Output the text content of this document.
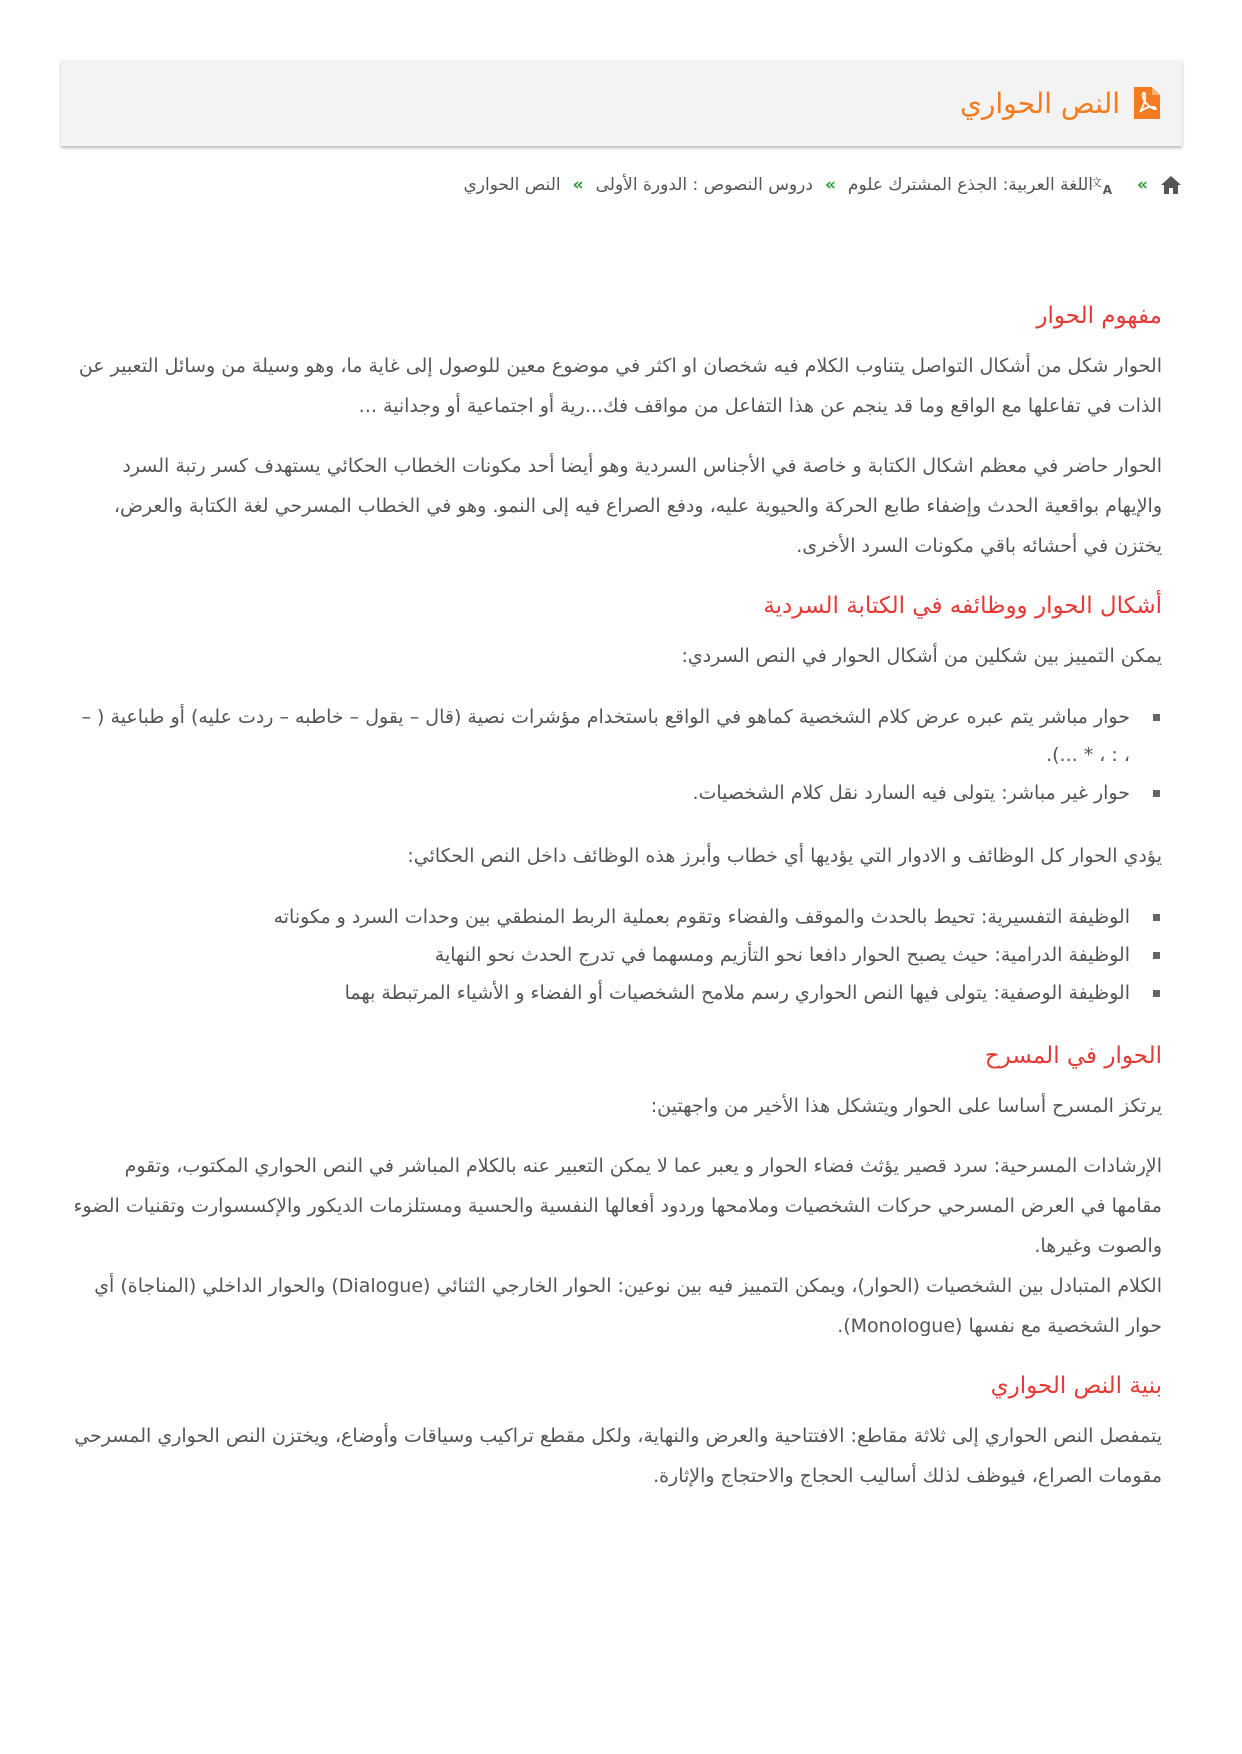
النص الحواري
»
文
A
اللغة العربية: الجذع المشترك علوم
»
دروس النصوص : الدورة الأولى
»
النص الحواري
مفهوم الحوار

الحوار شكل من أشكال التواصل يتناوب الكلام فيه شخصان او اكثر في موضوع معين للوصول إلى غاية ما، وهو وسيلة من وسائل التعبير عن الذات في تفاعلها مع الواقع وما قد ينجم عن هذا التفاعل من مواقف فك...رية أو اجتماعية أو وجدانية ...

الحوار حاضر في معظم اشكال الكتابة و خاصة في الأجناس السردية وهو أيضا أحد مكونات الخطاب الحكائي يستهدف كسر رتبة السرد والإيهام بواقعية الحدث وإضفاء طابع الحركة والحيوية عليه، ودفع الصراع فيه إلى النمو. وهو في الخطاب المسرحي لغة الكتابة والعرض، يختزن في أحشائه باقي مكونات السرد الأخرى.

أشكال الحوار ووظائفه في الكتابة السردية

يمكن التمييز بين شكلين من أشكال الحوار في النص السردي:

حوار مباشر يتم عبره عرض كلام الشخصية كماهو في الواقع باستخدام مؤشرات نصية (قال – يقول – خاطبه – ردت عليه) أو طباعية ( – ، : ، * ...).
حوار غير مباشر: يتولى فيه السارد نقل كلام الشخصيات.

يؤدي الحوار كل الوظائف و الادوار التي يؤديها أي خطاب وأبرز هذه الوظائف داخل النص الحكائي:

الوظيفة التفسيرية: تحيط بالحدث والموقف والفضاء وتقوم بعملية الربط المنطقي بين وحدات السرد و مكوناته
الوظيفة الدرامية: حيث يصبح الحوار دافعا نحو التأزيم ومسهما في تدرج الحدث نحو النهاية
الوظيفة الوصفية: يتولى فيها النص الحواري رسم ملامح الشخصيات أو الفضاء و الأشياء المرتبطة بهما
الحوار في المسرح

يرتكز المسرح أساسا على الحوار ويتشكل هذا الأخير من واجهتين:

الإرشادات المسرحية: سرد قصير يؤثث فضاء الحوار و يعبر عما لا يمكن التعبير عنه بالكلام المباشر في النص الحواري المكتوب، وتقوم مقامها في العرض المسرحي حركات الشخصيات وملامحها وردود أفعالها النفسية والحسية ومستلزمات الديكور والإكسسوارت وتقنيات الضوء والصوت وغيرها.

الكلام المتبادل بين الشخصيات (الحوار)، ويمكن التمييز فيه بين نوعين: الحوار الخارجي الثنائي (Dialogue) والحوار الداخلي (المناجاة) أي حوار الشخصية مع نفسها (Monologue).

بنية النص الحواري

يتمفصل النص الحواري إلى ثلاثة مقاطع: الافتتاحية والعرض والنهاية، ولكل مقطع تراكيب وسياقات وأوضاع، ويختزن النص الحواري المسرحي مقومات الصراع، فيوظف لذلك أساليب الحجاج والاحتجاج والإثارة.
